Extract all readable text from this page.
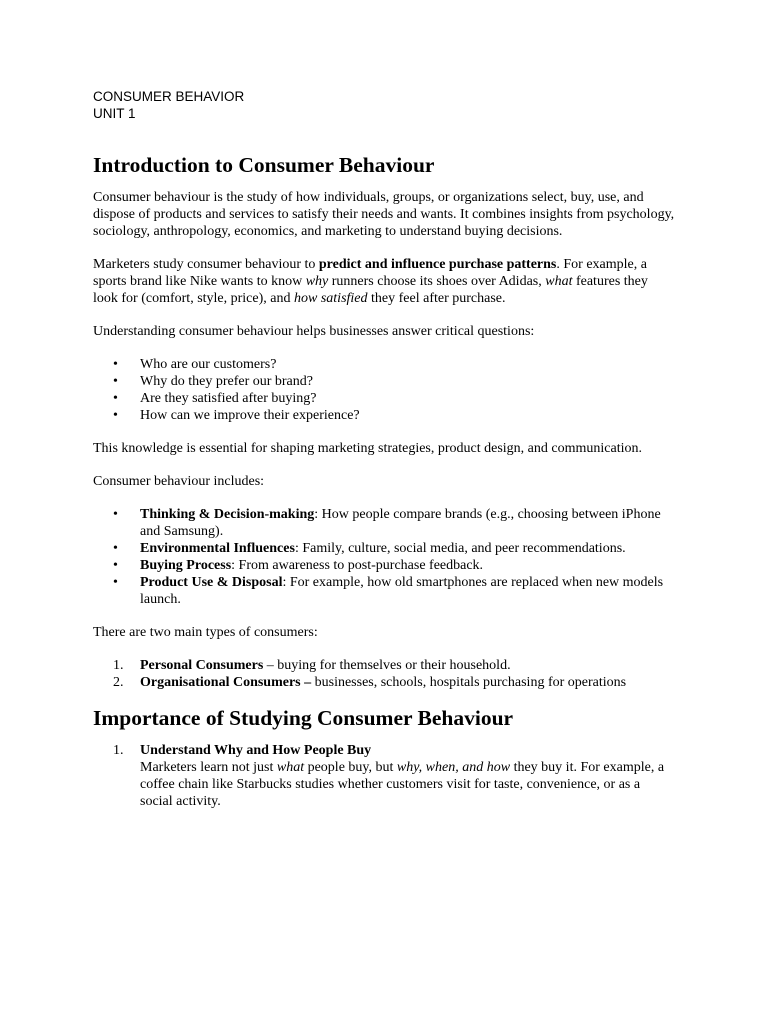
CONSUMER BEHAVIOR
UNIT 1
Introduction to Consumer Behaviour

Consumer behaviour is the study of how individuals, groups, or organizations select, buy, use, and dispose of products and services to satisfy their needs and wants. It combines insights from psychology, sociology, anthropology, economics, and marketing to understand buying decisions.

Marketers study consumer behaviour to predict and influence purchase patterns. For example, a sports brand like Nike wants to know why runners choose its shoes over Adidas, what features they look for (comfort, style, price), and how satisfied they feel after purchase.

Understanding consumer behaviour helps businesses answer critical questions:

• Who are our customers?
• Why do they prefer our brand?
• Are they satisfied after buying?
• How can we improve their experience?

This knowledge is essential for shaping marketing strategies, product design, and communication.

Consumer behaviour includes:

• Thinking & Decision-making: How people compare brands (e.g., choosing between iPhone and Samsung).
• Environmental Influences: Family, culture, social media, and peer recommendations.
• Buying Process: From awareness to post-purchase feedback.
• Product Use & Disposal: For example, how old smartphones are replaced when new models launch.

There are two main types of consumers:

1. Personal Consumers – buying for themselves or their household.
2. Organisational Consumers – businesses, schools, hospitals purchasing for operations
Importance of Studying Consumer Behaviour
1. Understand Why and How People Buy
Marketers learn not just what people buy, but why, when, and how they buy it. For example, a coffee chain like Starbucks studies whether customers visit for taste, convenience, or as a social activity.
